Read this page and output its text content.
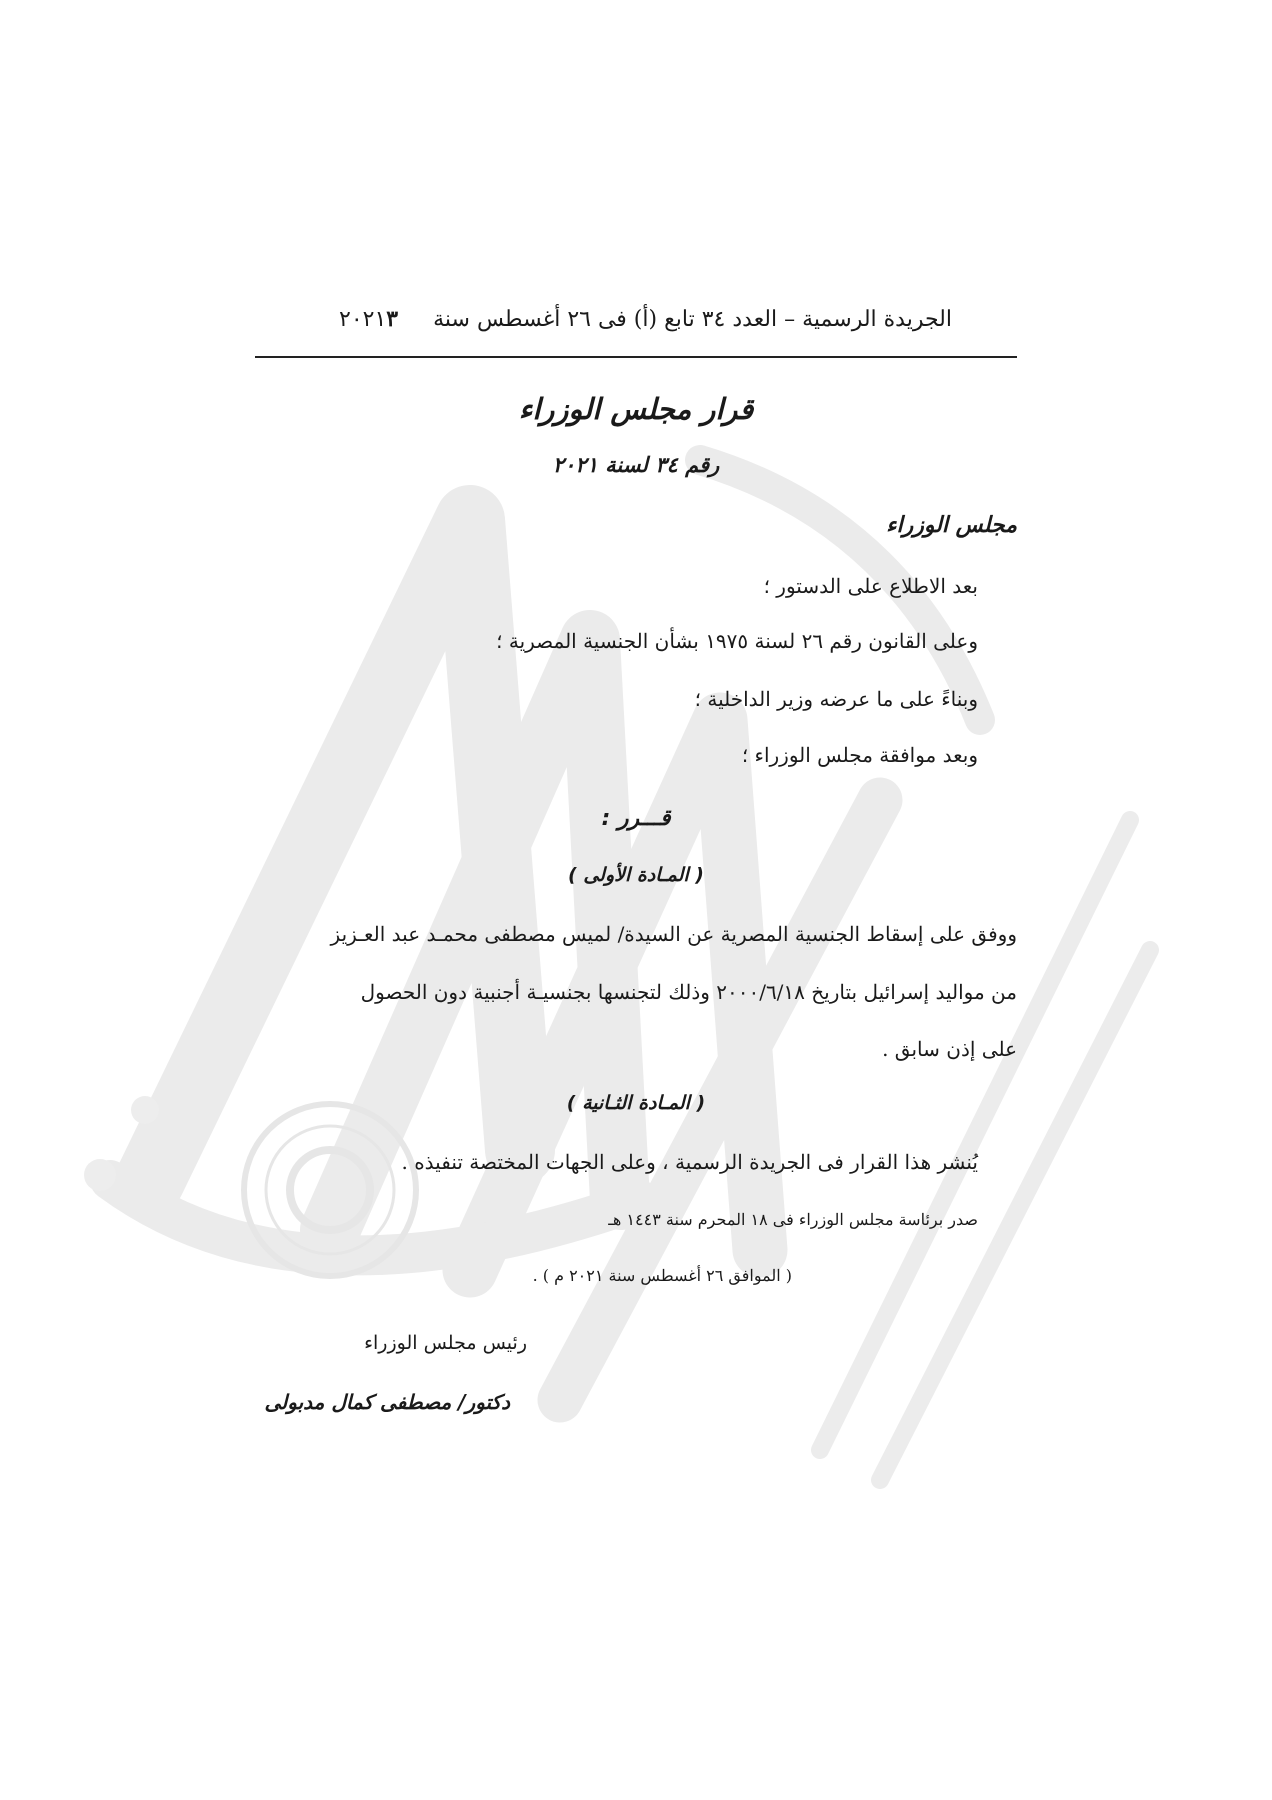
الجريدة الرسمية – العدد ٣٤ تابع (أ) فى ٢٦ أغسطس سنة ٢٠٢١٣
قرار مجلس الوزراء
رقم ٣٤ لسنة ٢٠٢١
مجلس الوزراء
بعد الاطلاع على الدستور ؛
وعلى القانون رقم ٢٦ لسنة ١٩٧٥ بشأن الجنسية المصرية ؛
وبناءً على ما عرضه وزير الداخلية ؛
وبعد موافقة مجلس الوزراء ؛
قـــرر :
( المـادة الأولى )
ووفق على إسقاط الجنسية المصرية عن السيدة/ لميس مصطفى محمـد عبد العـزيز
من مواليد إسرائيل بتاريخ ٢٠٠٠/٦/١٨ وذلك لتجنسها بجنسيـة أجنبية دون الحصول
على إذن سابق .
( المـادة الثـانية )
يُنشر هذا القرار فى الجريدة الرسمية ، وعلى الجهات المختصة تنفيذه .
صدر برئاسة مجلس الوزراء فى ١٨ المحرم سنة ١٤٤٣ هـ
( الموافق ٢٦ أغسطس سنة ٢٠٢١ م ) .
رئيس مجلس الوزراء
دكتور/ مصطفى كمال مدبولى
